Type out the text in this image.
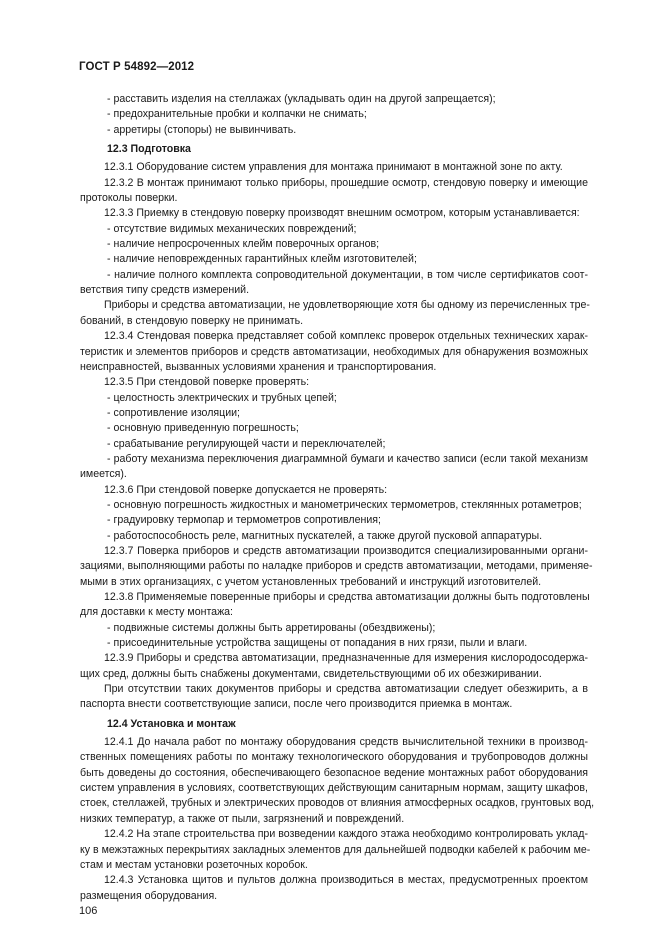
ГОСТ Р 54892—2012
- расставить изделия на стеллажах (укладывать один на другой запрещается);
- предохранительные пробки и колпачки не снимать;
- арретиры (стопоры) не вывинчивать.
12.3 Подготовка
12.3.1 Оборудование систем управления для монтажа принимают в монтажной зоне по акту.
12.3.2 В монтаж принимают только приборы, прошедшие осмотр, стендовую поверку и имеющие
протоколы поверки.
12.3.3 Приемку в стендовую поверку производят внешним осмотром, которым устанавливается:
- отсутствие видимых механических повреждений;
- наличие непросроченных клейм поверочных органов;
- наличие неповрежденных гарантийных клейм изготовителей;
- наличие полного комплекта сопроводительной документации, в том числе сертификатов соот-
ветствия типу средств измерений.
Приборы и средства автоматизации, не удовлетворяющие хотя бы одному из перечисленных тре-
бований, в стендовую поверку не принимать.
12.3.4 Стендовая поверка представляет собой комплекс проверок отдельных технических харак-
теристик и элементов приборов и средств автоматизации, необходимых для обнаружения возможных
неисправностей, вызванных условиями хранения и транспортирования.
12.3.5 При стендовой поверке проверять:
- целостность электрических и трубных цепей;
- сопротивление изоляции;
- основную приведенную погрешность;
- срабатывание регулирующей части и переключателей;
- работу механизма переключения диаграммной бумаги и качество записи (если такой механизм
имеется).
12.3.6 При стендовой поверке допускается не проверять:
- основную погрешность жидкостных и манометрических термометров, стеклянных ротаметров;
- градуировку термопар и термометров сопротивления;
- работоспособность реле, магнитных пускателей, а также другой пусковой аппаратуры.
12.3.7 Поверка приборов и средств автоматизации производится специализированными органи-
зациями, выполняющими работы по наладке приборов и средств автоматизации, методами, применяе-
мыми в этих организациях, с учетом установленных требований и инструкций изготовителей.
12.3.8 Применяемые поверенные приборы и средства автоматизации должны быть подготовлены
для доставки к месту монтажа:
- подвижные системы должны быть арретированы (обездвижены);
- присоединительные устройства защищены от попадания в них грязи, пыли и влаги.
12.3.9 Приборы и средства автоматизации, предназначенные для измерения кислородосодержа-
щих сред, должны быть снабжены документами, свидетельствующими об их обезжиривании.
При отсутствии таких документов приборы и средства автоматизации следует обезжирить, а в
паспорта внести соответствующие записи, после чего производится приемка в монтаж.
12.4 Установка и монтаж
12.4.1 До начала работ по монтажу оборудования средств вычислительной техники в производ-
ственных помещениях работы по монтажу технологического оборудования и трубопроводов должны
быть доведены до состояния, обеспечивающего безопасное ведение монтажных работ оборудования
систем управления в условиях, соответствующих действующим санитарным нормам, защиту шкафов,
стоек, стеллажей, трубных и электрических проводов от влияния атмосферных осадков, грунтовых вод,
низких температур, а также от пыли, загрязнений и повреждений.
12.4.2 На этапе строительства при возведении каждого этажа необходимо контролировать уклад-
ку в межэтажных перекрытиях закладных элементов для дальнейшей подводки кабелей к рабочим ме-
стам и местам установки розеточных коробок.
12.4.3 Установка щитов и пультов должна производиться в местах, предусмотренных проектом
размещения оборудования.
106
